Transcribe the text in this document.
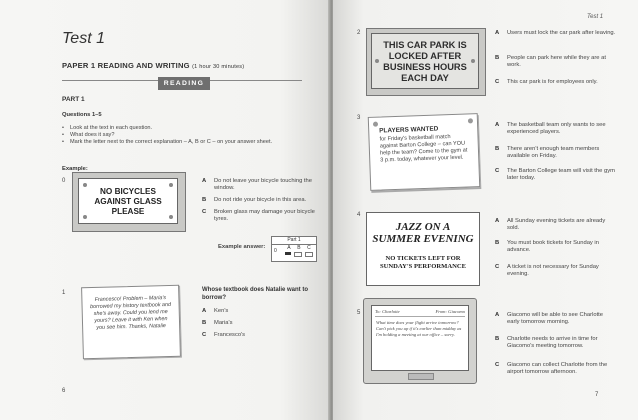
Test 1
PAPER 1 READING AND WRITING (1 hour 30 minutes)
READING
PART 1
Questions 1–5
• Look at the text in each question.
• What does it say?
• Mark the letter next to the correct explanation – A, B or C – on your answer sheet.
Example:
0
NO BICYCLES
AGAINST GLASS
PLEASE
A Do not leave your bicycle touching the window.
B Do not ride your bicycle in this area.
C Broken glass may damage your bicycle tyres.
Example answer:
Part 1
0 A B C
1
Francesco! Problem – Maria's borrowed my history textbook and she's away. Could you lend me yours? Leave it with Ken when you see him. Thanks, Natalie
Whose textbook does Natalie want to borrow?
A Ken's
B Maria's
C Francesco's
6
Test 1
2
THIS CAR PARK IS
LOCKED AFTER
BUSINESS HOURS
EACH DAY
A Users must lock the car park after leaving.
B People can park here while they are at work.
C This car park is for employees only.
3
PLAYERS WANTED
for Friday's basketball match against Barton College – can YOU help the team? Come to the gym at 3 p.m. today, whatever your level.
A The basketball team only wants to see experienced players.
B There aren't enough team members available on Friday.
C The Barton College team will visit the gym later today.
4
JAZZ ON A
SUMMER EVENING
NO TICKETS LEFT FOR
SUNDAY'S PERFORMANCE
A All Sunday evening tickets are already sold.
B You must book tickets for Sunday in advance.
C A ticket is not necessary for Sunday evening.
5	To: Charlotte	From: Giacomo
What time does your flight arrive tomorrow? Can't pick you up if it's earlier than midday as I'm holding a meeting at our office – sorry.
A Giacomo will be able to see Charlotte early tomorrow morning.
B Charlotte needs to arrive in time for Giacomo's meeting tomorrow.
C Giacomo can collect Charlotte from the airport tomorrow afternoon.
7
